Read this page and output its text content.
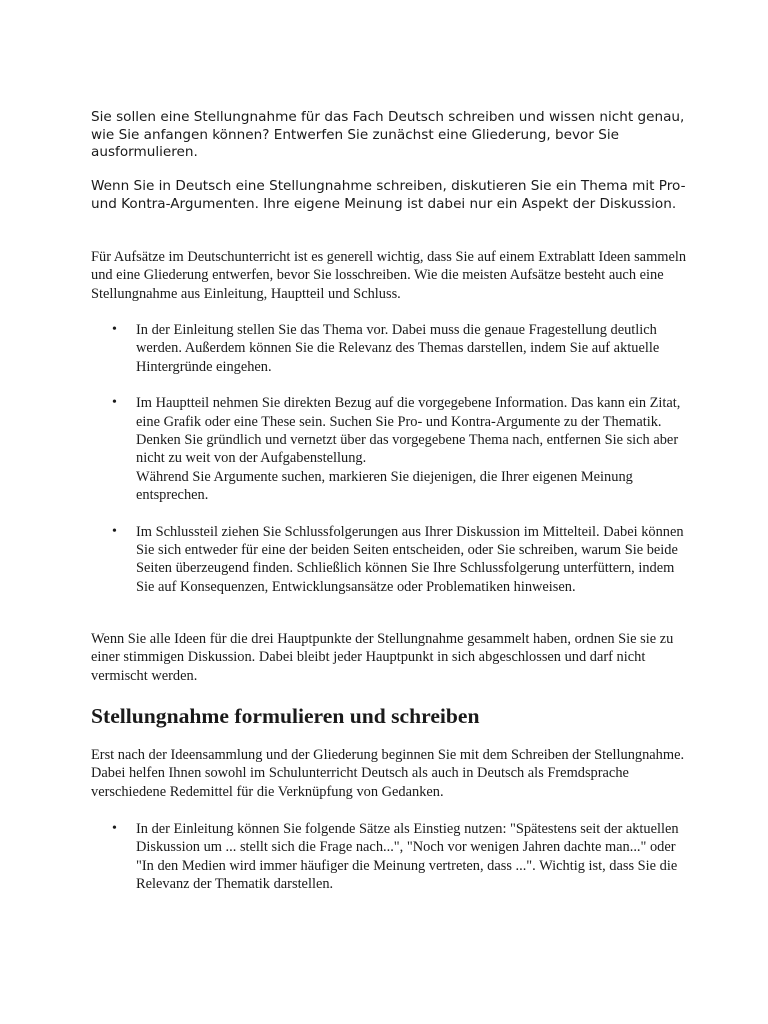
Sie sollen eine Stellungnahme für das Fach Deutsch schreiben und wissen nicht genau, wie Sie anfangen können? Entwerfen Sie zunächst eine Gliederung, bevor Sie ausformulieren.

Wenn Sie in Deutsch eine Stellungnahme schreiben, diskutieren Sie ein Thema mit Pro- und Kontra-Argumenten. Ihre eigene Meinung ist dabei nur ein Aspekt der Diskussion.

Für Aufsätze im Deutschunterricht ist es generell wichtig, dass Sie auf einem Extrablatt Ideen sammeln und eine Gliederung entwerfen, bevor Sie losschreiben. Wie die meisten Aufsätze besteht auch eine Stellungnahme aus Einleitung, Hauptteil und Schluss.

• In der Einleitung stellen Sie das Thema vor. Dabei muss die genaue Fragestellung deutlich werden. Außerdem können Sie die Relevanz des Themas darstellen, indem Sie auf aktuelle Hintergründe eingehen.
• Im Hauptteil nehmen Sie direkten Bezug auf die vorgegebene Information. Das kann ein Zitat, eine Grafik oder eine These sein. Suchen Sie Pro- und Kontra-Argumente zu der Thematik. Denken Sie gründlich und vernetzt über das vorgegebene Thema nach, entfernen Sie sich aber nicht zu weit von der Aufgabenstellung.
Während Sie Argumente suchen, markieren Sie diejenigen, die Ihrer eigenen Meinung entsprechen.
• Im Schlussteil ziehen Sie Schlussfolgerungen aus Ihrer Diskussion im Mittelteil. Dabei können Sie sich entweder für eine der beiden Seiten entscheiden, oder Sie schreiben, warum Sie beide Seiten überzeugend finden. Schließlich können Sie Ihre Schlussfolgerung unterfüttern, indem Sie auf Konsequenzen, Entwicklungsansätze oder Problematiken hinweisen.

Wenn Sie alle Ideen für die drei Hauptpunkte der Stellungnahme gesammelt haben, ordnen Sie sie zu einer stimmigen Diskussion. Dabei bleibt jeder Hauptpunkt in sich abgeschlossen und darf nicht vermischt werden.

Stellungnahme formulieren und schreiben

Erst nach der Ideensammlung und der Gliederung beginnen Sie mit dem Schreiben der Stellungnahme. Dabei helfen Ihnen sowohl im Schulunterricht Deutsch als auch in Deutsch als Fremdsprache verschiedene Redemittel für die Verknüpfung von Gedanken.

• In der Einleitung können Sie folgende Sätze als Einstieg nutzen: "Spätestens seit der aktuellen Diskussion um ... stellt sich die Frage nach...", "Noch vor wenigen Jahren dachte man..." oder "In den Medien wird immer häufiger die Meinung vertreten, dass ...". Wichtig ist, dass Sie die Relevanz der Thematik darstellen.
